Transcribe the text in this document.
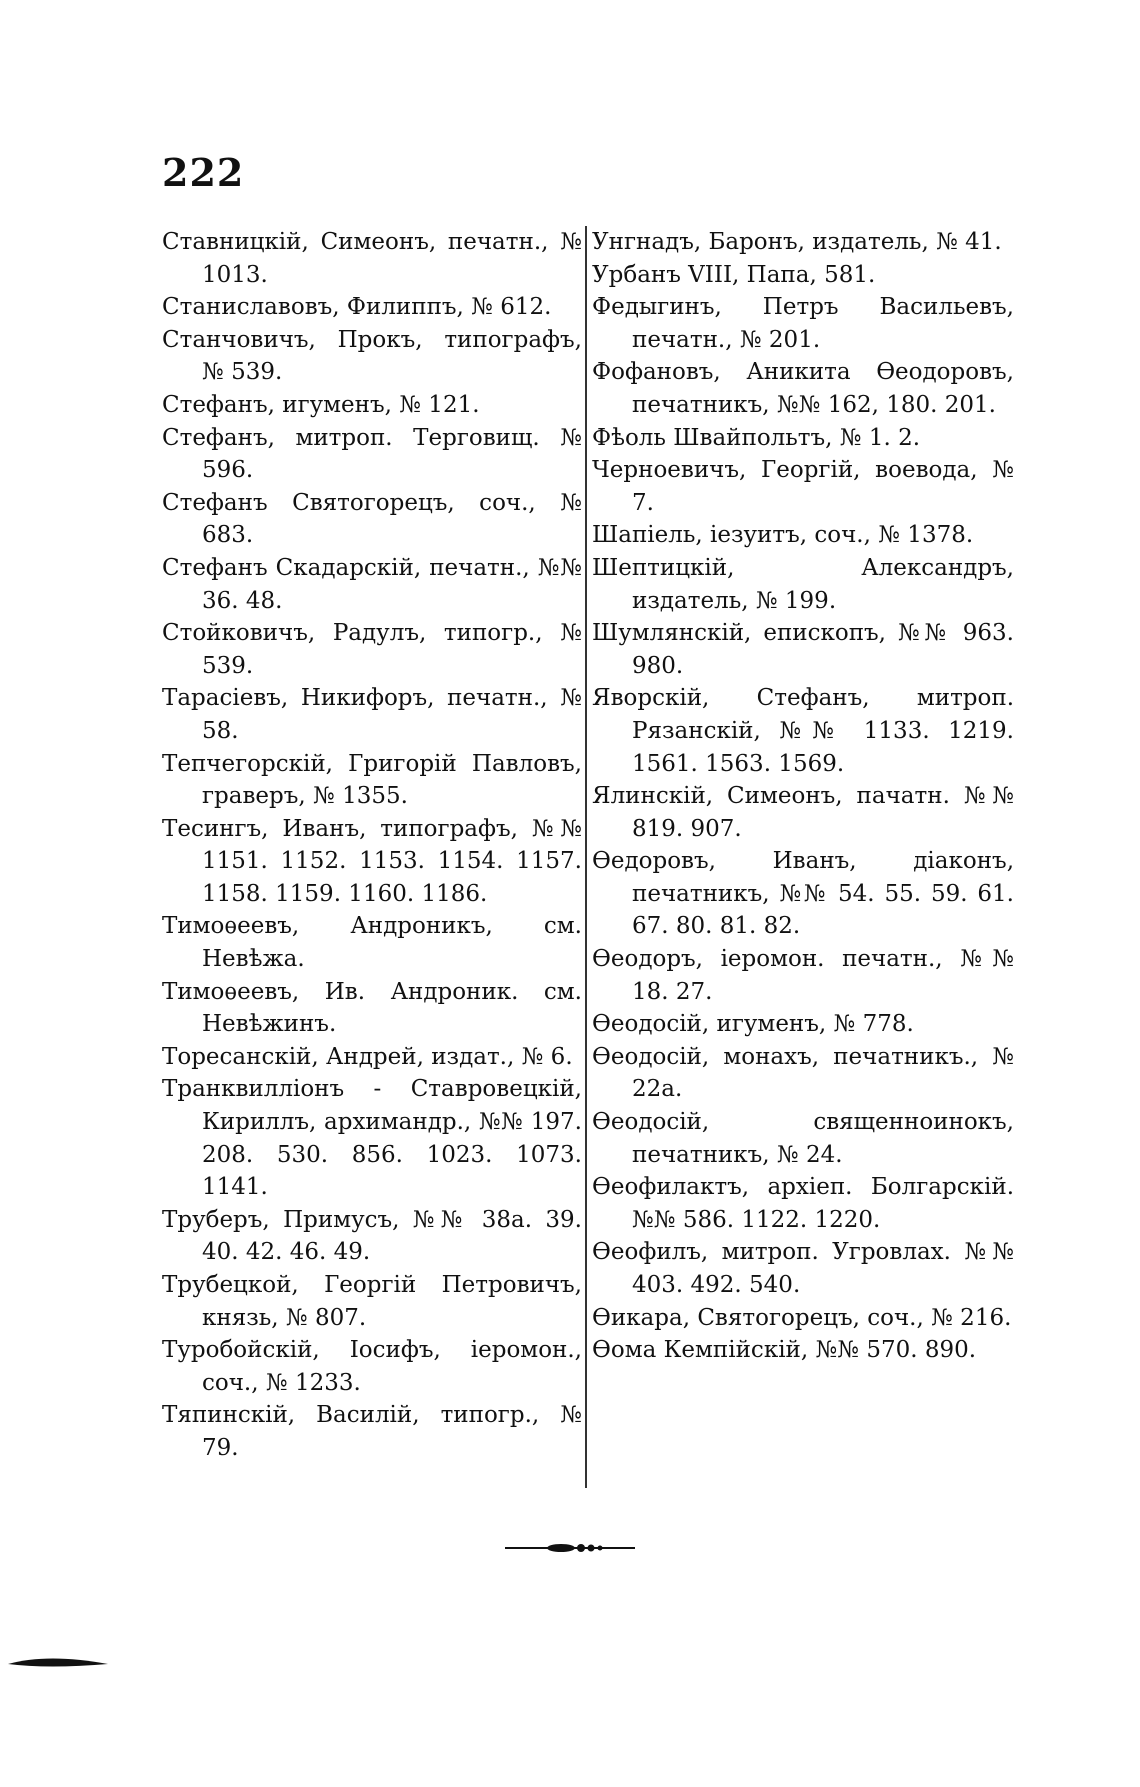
222
Ставницкій, Симеонъ, печатн., № 1013.
Станиславовъ, Филиппъ, № 612.
Станчовичъ, Прокъ, типографъ, № 539.
Стефанъ, игуменъ, № 121.
Стефанъ, митроп. Терговищ. № 596.
Стефанъ Святогорецъ, соч., № 683.
Стефанъ Скадарскій, печатн., №№ 36. 48.
Стойковичъ, Радулъ, типогр., № 539.
Тарасіевъ, Никифоръ, печатн., № 58.
Тепчегорскій, Григорій Павловъ, граверъ, № 1355.
Тесингъ, Иванъ, типографъ, №№ 1151. 1152. 1153. 1154. 1157. 1158. 1159. 1160. 1186.
Тимоѳеевъ, Андроникъ, см. Невѣжа.
Тимоѳеевъ, Ив. Андроник. см. Невѣжинъ.
Торесанскій, Андрей, издат., № 6.
Транквилліонъ - Ставровецкій, Кириллъ, архимандр., №№ 197. 208. 530. 856. 1023. 1073. 1141.
Труберъ, Примусъ, №№ 38а. 39. 40. 42. 46. 49.
Трубецкой, Георгій Петровичъ, князь, № 807.
Туробойскій, Іосифъ, іеромон., соч., № 1233.
Тяпинскій, Василій, типогр., № 79.
Унгнадъ, Баронъ, издатель, № 41.
Урбанъ VIII, Папа, 581.
Федыгинъ, Петръ Васильевъ, печатн., № 201.
Фофановъ, Аникита Ѳеодоровъ, печатникъ, №№ 162, 180. 201.
Фѣоль Швайпольтъ, № 1. 2.
Черноевичъ, Георгій, воевода, № 7.
Шапіель, іезуитъ, соч., № 1378.
Шептицкій, Александръ, издатель, № 199.
Шумлянскій, епископъ, №№ 963. 980.
Яворскій, Стефанъ, митроп. Рязанскій, №№ 1133. 1219. 1561. 1563. 1569.
Ялинскій, Симеонъ, пачатн. №№ 819. 907.
Ѳедоровъ, Иванъ, діаконъ, печатникъ, №№ 54. 55. 59. 61. 67. 80. 81. 82.
Ѳеодоръ, іеромон. печатн., №№ 18. 27.
Ѳеодосій, игуменъ, № 778.
Ѳеодосій, монахъ, печатникъ., № 22а.
Ѳеодосій, священноинокъ, печатникъ, № 24.
Ѳеофилактъ, архіеп. Болгарскій. №№ 586. 1122. 1220.
Ѳеофилъ, митроп. Угровлах. №№ 403. 492. 540.
Ѳикара, Святогорецъ, соч., № 216.
Ѳома Кемпійскій, №№ 570. 890.
